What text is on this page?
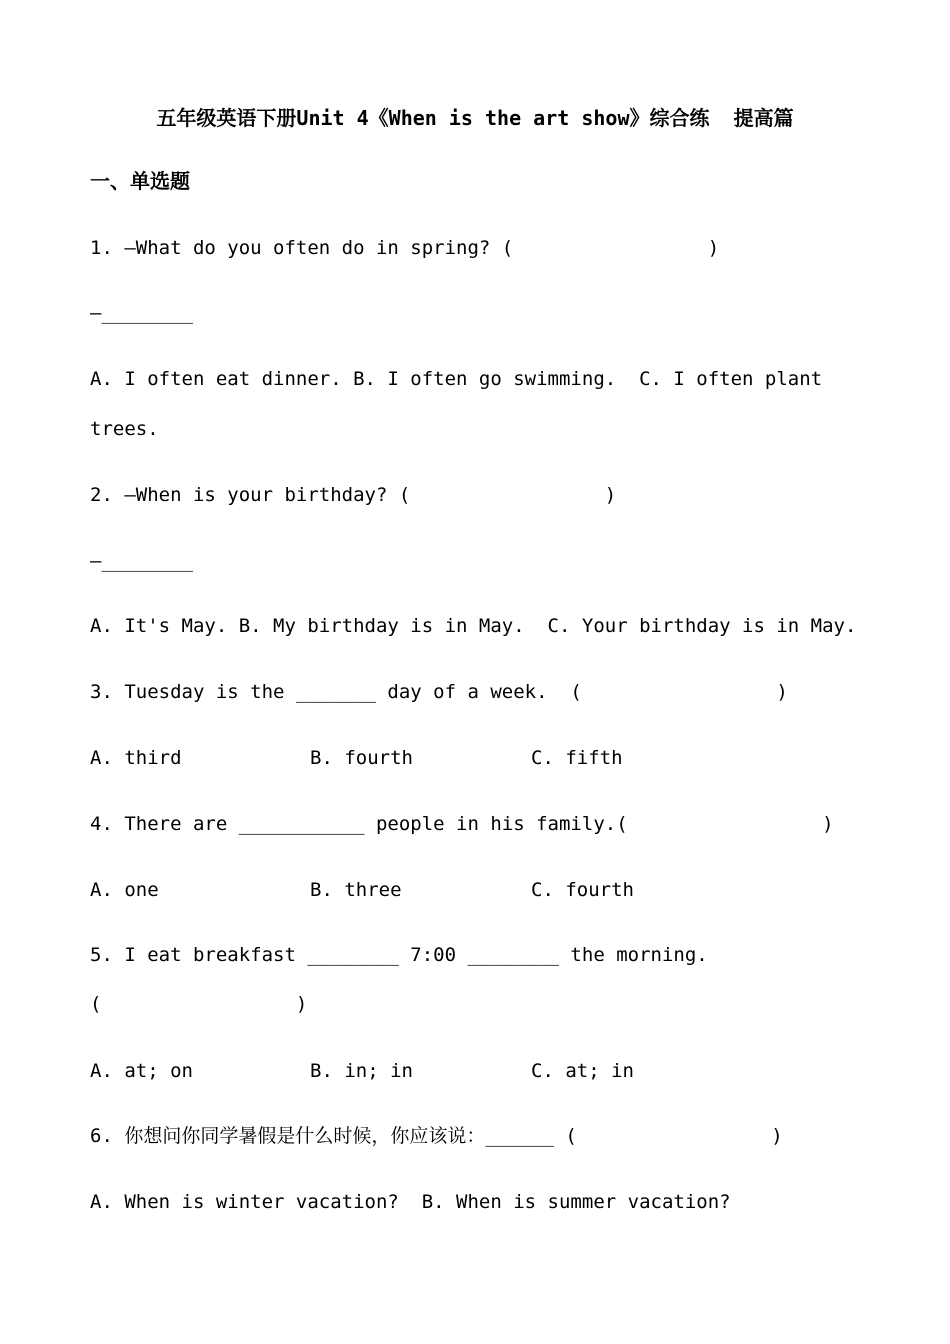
五年级英语下册Unit 4《When is the art show》综合练  提高篇
一、单选题
1. —What do you often do in spring? (                 )
—________
A. I often eat dinner. B. I often go swimming.  C. I often plant
trees.
2. —When is your birthday? (                 )
—________
A. It's May. B. My birthday is in May.  C. Your birthday is in May.
3. Tuesday is the _______ day of a week.  (                 )
A. third	B. fourth	C. fifth
4. There are ___________ people in his family.(                 )
A. one	B. three	C. fourth
5. I eat breakfast ________ 7:00 ________ the morning.
(                 )
A. at; on	B. in; in	C. at; in
6. 你想问你同学暑假是什么时候，你应该说：______ (                 )
A. When is winter vacation?  B. When is summer vacation?
